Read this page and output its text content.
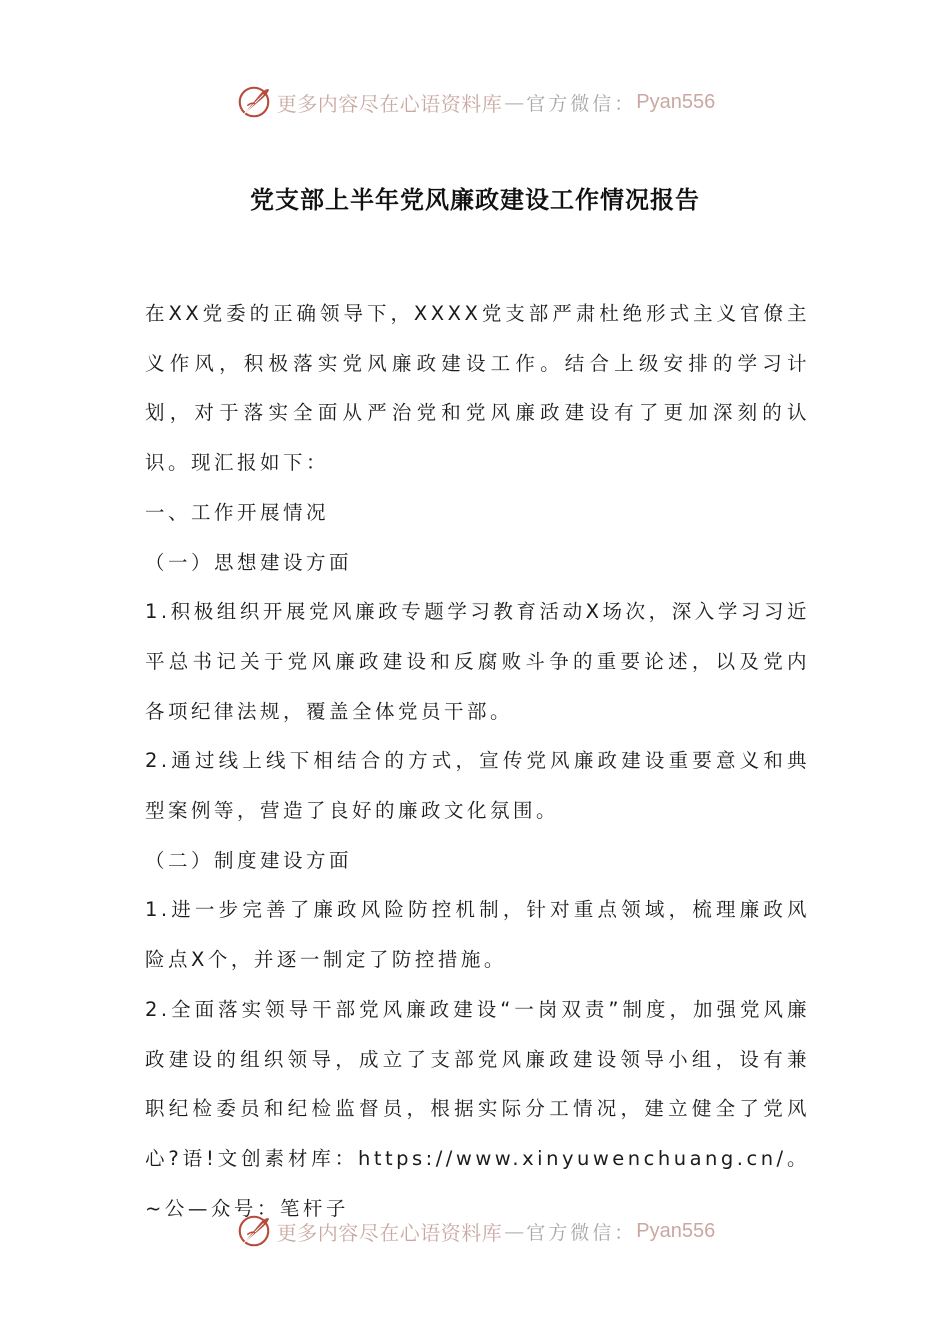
更多内容尽在心语资料库 — 官方微信： Pyan556
党支部上半年党风廉政建设工作情况报告

在XX党委的正确领导下，XXXX党支部严肃杜绝形式主义官僚主义作风，积极落实党风廉政建设工作。结合上级安排的学习计划，对于落实全面从严治党和党风廉政建设有了更加深刻的认识。现汇报如下：

一、工作开展情况

（一）思想建设方面

1.积极组织开展党风廉政专题学习教育活动X场次，深入学习习近平总书记关于党风廉政建设和反腐败斗争的重要论述，以及党内各项纪律法规，覆盖全体党员干部。

2.通过线上线下相结合的方式，宣传党风廉政建设重要意义和典型案例等，营造了良好的廉政文化氛围。

（二）制度建设方面

1.进一步完善了廉政风险防控机制，针对重点领域，梳理廉政风险点X个，并逐一制定了防控措施。

2.全面落实领导干部党风廉政建设“一岗双责”制度，加强党风廉政建设的组织领导，成立了支部党风廉政建设领导小组，设有兼职纪检委员和纪检监督员，根据实际分工情况，建立健全了党风心?语!文创素材库：https://www.xinyuwenchuang.cn/。~公—众号：笔杆子

更多内容尽在心语资料库 — 官方微信： Pyan556
